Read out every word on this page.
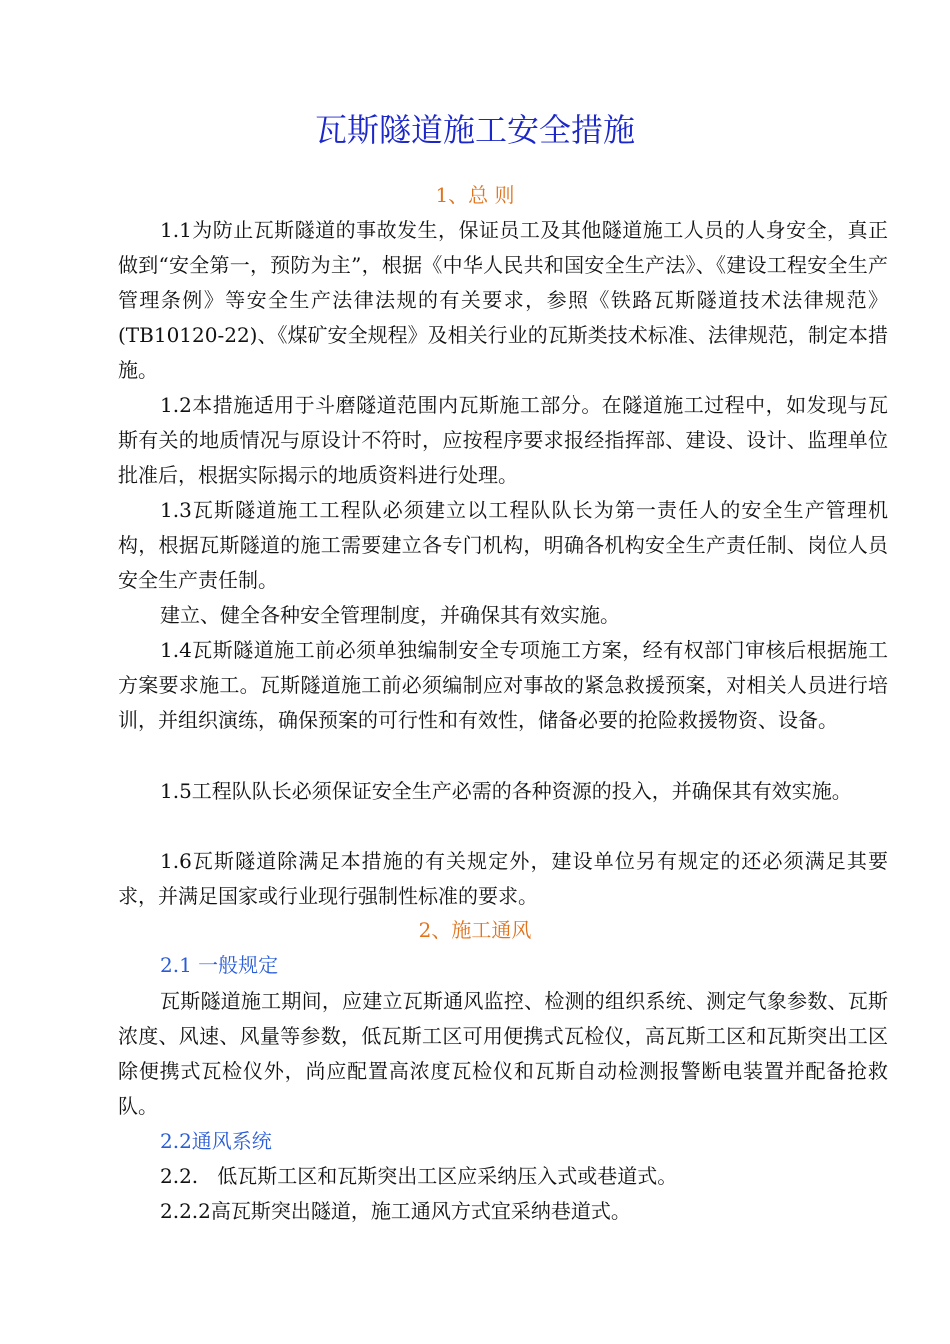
瓦斯隧道施工安全措施
1、总 则

1.1为防止瓦斯隧道的事故发生，保证员工及其他隧道施工人员的人身安全，真正做到“安全第一，预防为主”，根据《中华人民共和国安全生产法》、《建设工程安全生产管理条例》等安全生产法律法规的有关要求，参照《铁路瓦斯隧道技术法律规范》(TB10120-22)、《煤矿安全规程》及相关行业的瓦斯类技术标准、法律规范，制定本措施。

1.2本措施适用于斗磨隧道范围内瓦斯施工部分。在隧道施工过程中，如发现与瓦斯有关的地质情况与原设计不符时，应按程序要求报经指挥部、建设、设计、监理单位批准后，根据实际揭示的地质资料进行处理。

1.3瓦斯隧道施工工程队必须建立以工程队队长为第一责任人的安全生产管理机构，根据瓦斯隧道的施工需要建立各专门机构，明确各机构安全生产责任制、岗位人员安全生产责任制。

建立、健全各种安全管理制度，并确保其有效实施。

1.4瓦斯隧道施工前必须单独编制安全专项施工方案，经有权部门审核后根据施工方案要求施工。瓦斯隧道施工前必须编制应对事故的紧急救援预案，对相关人员进行培训，并组织演练，确保预案的可行性和有效性，储备必要的抢险救援物资、设备。

1.5工程队队长必须保证安全生产必需的各种资源的投入，并确保其有效实施。

1.6瓦斯隧道除满足本措施的有关规定外，建设单位另有规定的还必须满足其要求，并满足国家或行业现行强制性标准的要求。

2、施工通风
2.1 一般规定

瓦斯隧道施工期间，应建立瓦斯通风监控、检测的组织系统、测定气象参数、瓦斯浓度、风速、风量等参数，低瓦斯工区可用便携式瓦检仪，高瓦斯工区和瓦斯突出工区除便携式瓦检仪外，尚应配置高浓度瓦检仪和瓦斯自动检测报警断电装置并配备抢救队。

2.2通风系统

2.2.   低瓦斯工区和瓦斯突出工区应采纳压入式或巷道式。

2.2.2高瓦斯突出隧道，施工通风方式宜采纳巷道式。
